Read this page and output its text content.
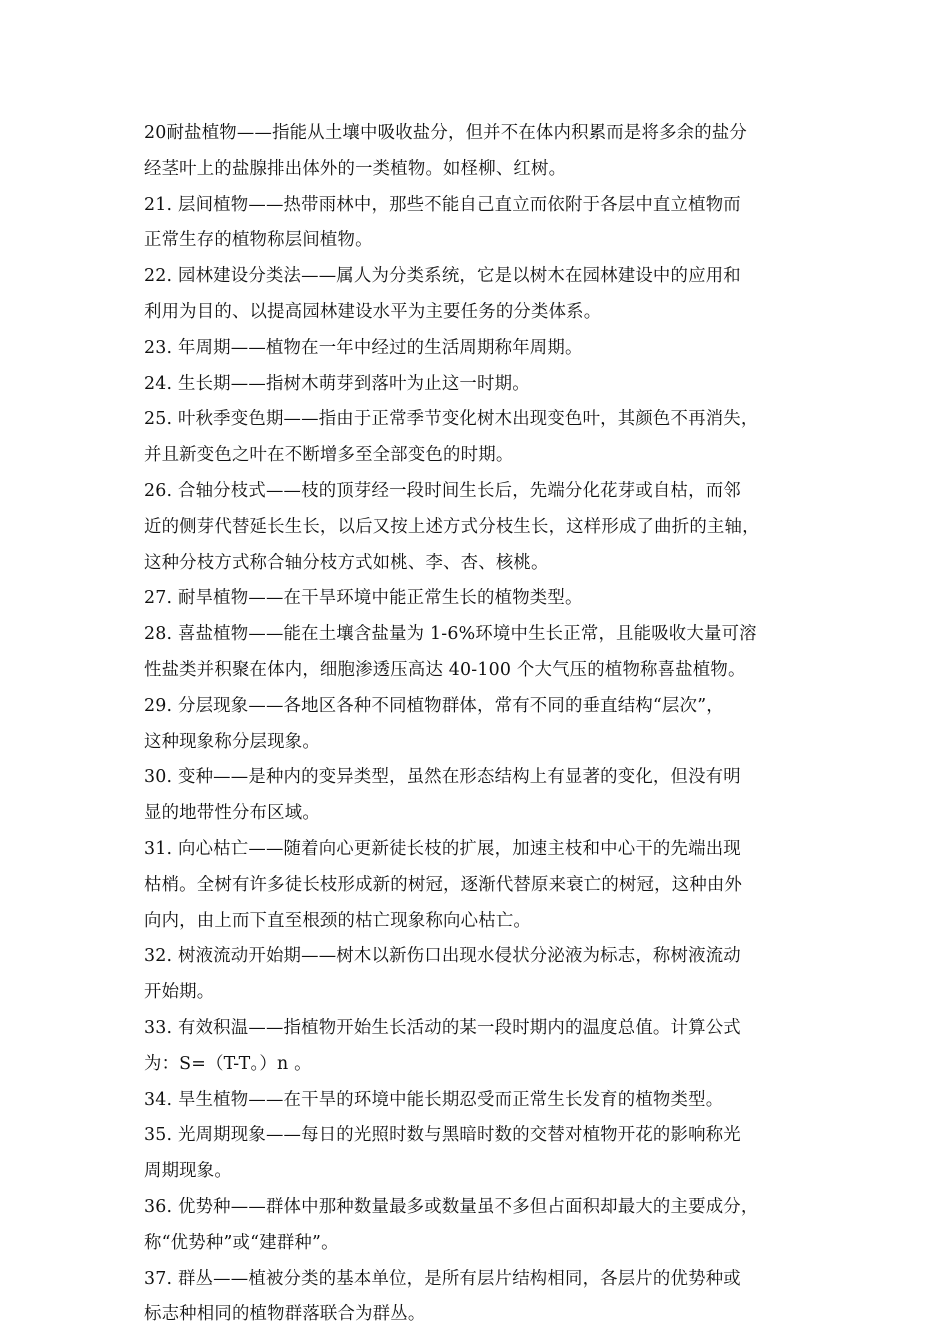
20耐盐植物——指能从土壤中吸收盐分，但并不在体内积累而是将多余的盐分
经茎叶上的盐腺排出体外的一类植物。如柽柳、红树。
21. 层间植物——热带雨林中，那些不能自己直立而依附于各层中直立植物而
正常生存的植物称层间植物。
22. 园林建设分类法——属人为分类系统，它是以树木在园林建设中的应用和
利用为目的、以提高园林建设水平为主要任务的分类体系。
23. 年周期——植物在一年中经过的生活周期称年周期。
24. 生长期——指树木萌芽到落叶为止这一时期。
25. 叶秋季变色期——指由于正常季节变化树木出现变色叶，其颜色不再消失，
并且新变色之叶在不断增多至全部变色的时期。
26. 合轴分枝式——枝的顶芽经一段时间生长后，先端分化花芽或自枯，而邻
近的侧芽代替延长生长，以后又按上述方式分枝生长，这样形成了曲折的主轴，
这种分枝方式称合轴分枝方式如桃、李、杏、核桃。
27. 耐旱植物——在干旱环境中能正常生长的植物类型。
28. 喜盐植物——能在土壤含盐量为 1-6%环境中生长正常，且能吸收大量可溶
性盐类并积聚在体内，细胞渗透压高达 40-100 个大气压的植物称喜盐植物。
29. 分层现象——各地区各种不同植物群体，常有不同的垂直结构“层次”，
这种现象称分层现象。
30. 变种——是种内的变异类型，虽然在形态结构上有显著的变化，但没有明
显的地带性分布区域。
31. 向心枯亡——随着向心更新徒长枝的扩展，加速主枝和中心干的先端出现
枯梢。全树有许多徒长枝形成新的树冠，逐渐代替原来衰亡的树冠，这种由外
向内，由上而下直至根颈的枯亡现象称向心枯亡。
32. 树液流动开始期——树木以新伤口出现水侵状分泌液为标志，称树液流动
开始期。
33. 有效积温——指植物开始生长活动的某一段时期内的温度总值。计算公式
为：S=（T-T。）n 。
34. 旱生植物——在干旱的环境中能长期忍受而正常生长发育的植物类型。
35. 光周期现象——每日的光照时数与黑暗时数的交替对植物开花的影响称光
周期现象。
36. 优势种——群体中那种数量最多或数量虽不多但占面积却最大的主要成分，
称“优势种”或“建群种”。
37. 群丛——植被分类的基本单位，是所有层片结构相同，各层片的优势种或
标志种相同的植物群落联合为群丛。
